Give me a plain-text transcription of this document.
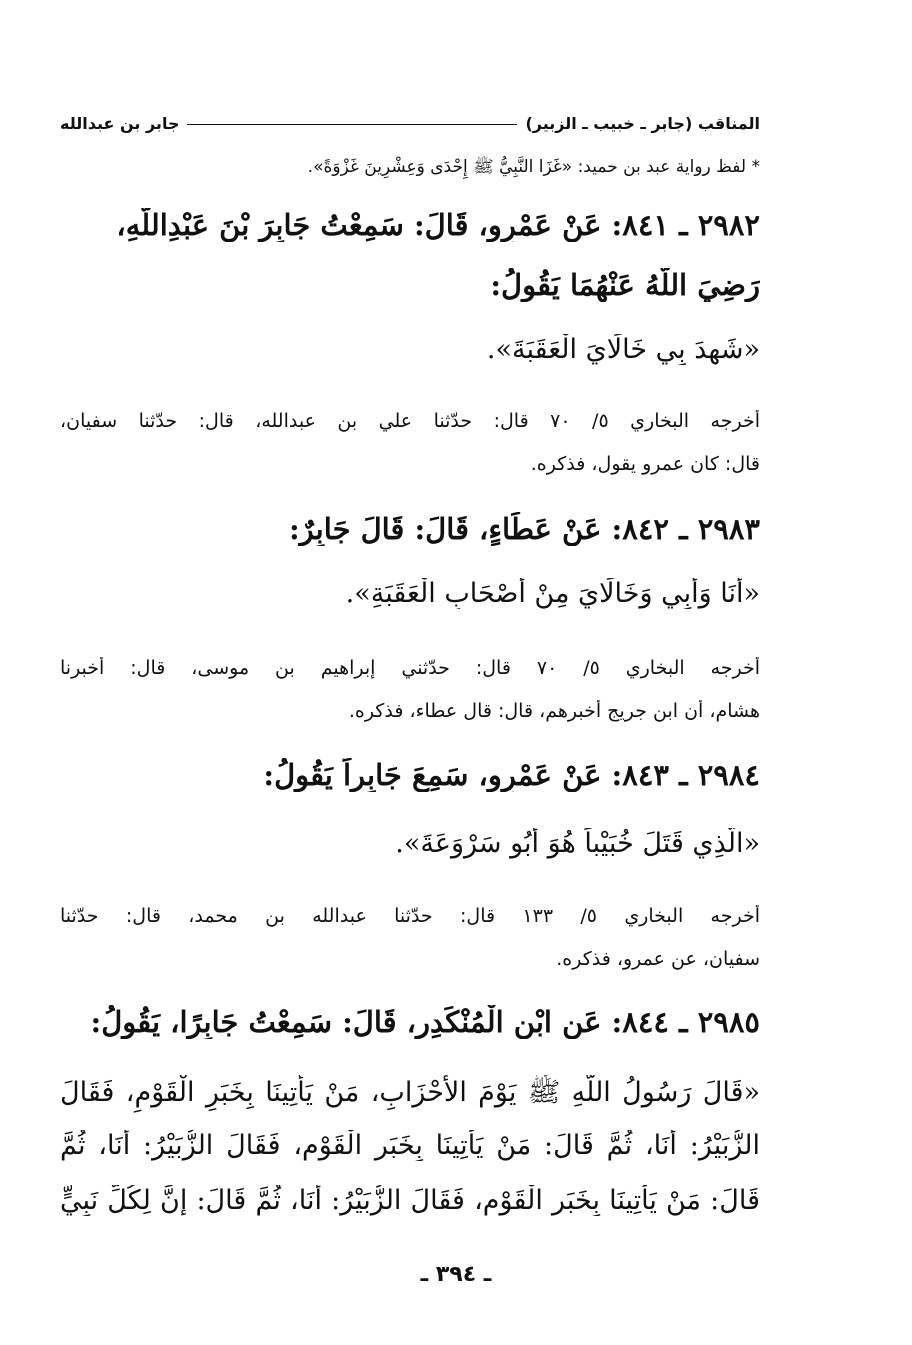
المناقب (جابر ـ خبيب ـ الزبير)
جابر بن عبدالله
* لفظ رواية عبد بن حميد: «غَزَا النَّبِيُّ ﷺ إِحْدَى وَعِشْرِينَ غَزْوَةً».
٢٩٨٢ ـ ٨٤١: عَنْ عَمْرٍو، قَالَ: سَمِعْتُ جَابِرَ بْنَ عَبْدِاللَّهِ،
رَضِيَ اللَّهُ عَنْهُمَا يَقُولُ:
«شَهِدَ بِي خَالَايَ الْعَقَبَةَ».
أخرجه البخاري ٥/ ٧٠ قال: حدّثنا علي بن عبدالله، قال: حدّثنا سفيان،
قال: كان عمرو يقول، فذكره.
٢٩٨٣ ـ ٨٤٢: عَنْ عَطَاءٍ، قَالَ: قَالَ جَابِرٌ:
«أَنَا وَأَبِي وَخَالَايَ مِنْ أَصْحَابِ الْعَقَبَةِ».
أخرجه البخاري ٥/ ٧٠ قال: حدّثني إبراهيم بن موسى، قال: أخبرنا
هشام، أن ابن جريج أخبرهم، قال: قال عطاء، فذكره.
٢٩٨٤ ـ ٨٤٣: عَنْ عَمْرٍو، سَمِعَ جَابِراً يَقُولُ:
«الَّذِي قَتَلَ خُبَيْباً هُوَ أَبُو سَرْوَعَةَ».
أخرجه البخاري ٥/ ١٣٣ قال: حدّثنا عبدالله بن محمد، قال: حدّثنا
سفيان، عن عمرو، فذكره.
٢٩٨٥ ـ ٨٤٤: عَنِ ابْنِ الْمُنْكَدِرِ، قَالَ: سَمِعْتُ جَابِرًا، يَقُولُ:
«قَالَ رَسُولُ اللَّهِ ﷺ يَوْمَ الأَحْزَابِ، مَنْ يَأْتِينَا بِخَبَرِ الْقَوْمِ، فَقَالَ
الزُّبَيْرُ: أَنَا، ثُمَّ قَالَ: مَنْ يَأْتِينَا بِخَبَرِ الْقَوْمِ، فَقَالَ الزُّبَيْرُ: أَنَا، ثُمَّ
قَالَ: مَنْ يَأْتِينَا بِخَبَرِ الْقَوْمِ، فَقَالَ الزُّبَيْرُ: أَنَا، ثُمَّ قَالَ: إِنَّ لِكُلِّ نَبِيٍّ
ـ ٣٩٤ ـ
